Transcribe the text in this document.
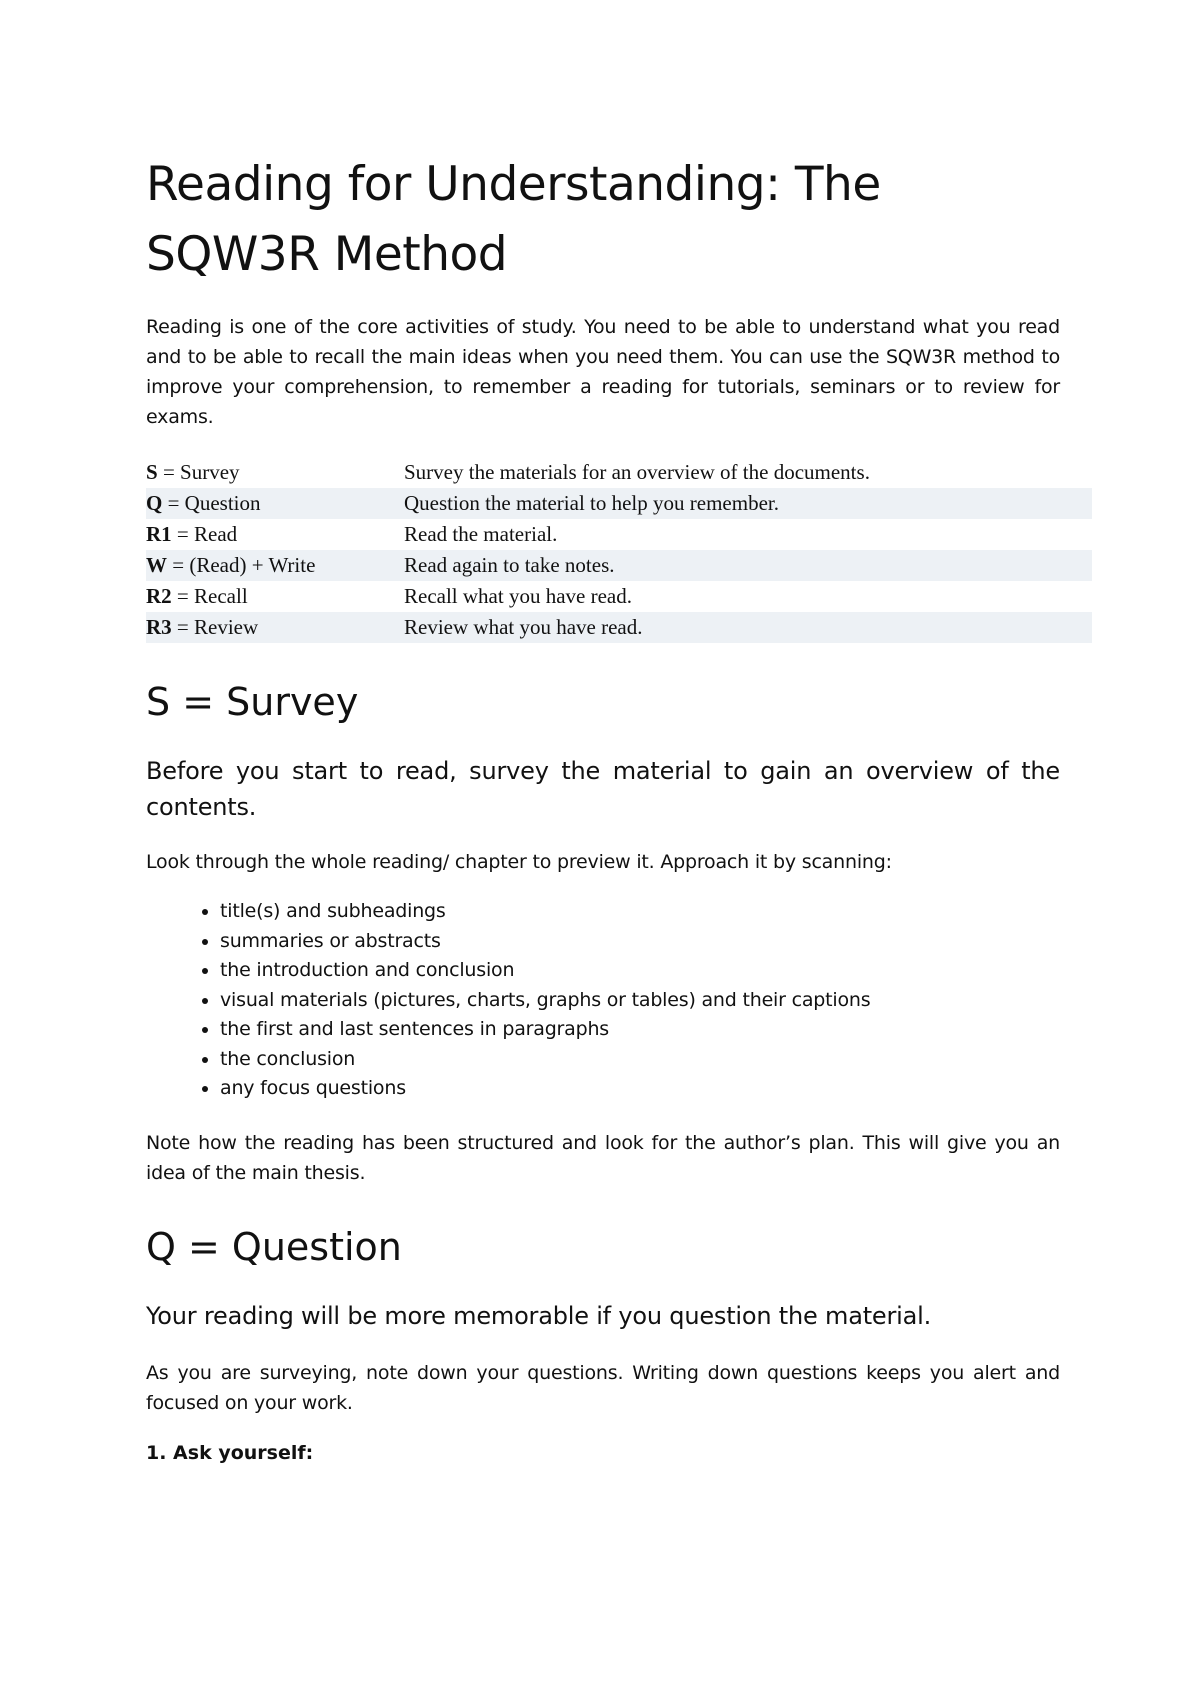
Reading for Understanding: The SQW3R Method

Reading is one of the core activities of study. You need to be able to understand what you read and to be able to recall the main ideas when you need them. You can use the SQW3R method to improve your comprehension, to remember a reading for tutorials, seminars or to review for exams.

S = Survey	Survey the materials for an overview of the documents.
Q = Question	Question the material to help you remember.
R1 = Read	Read the material.
W = (Read) + Write	Read again to take notes.
R2 = Recall	Recall what you have read.
R3 = Review	Review what you have read.
S = Survey

Before you start to read, survey the material to gain an overview of the contents.

Look through the whole reading/ chapter to preview it. Approach it by scanning:

• title(s) and subheadings
• summaries or abstracts
• the introduction and conclusion
• visual materials (pictures, charts, graphs or tables) and their captions
• the first and last sentences in paragraphs
• the conclusion
• any focus questions

Note how the reading has been structured and look for the author’s plan. This will give you an idea of the main thesis.

Q = Question

Your reading will be more memorable if you question the material.

As you are surveying, note down your questions. Writing down questions keeps you alert and focused on your work.

1. Ask yourself:
